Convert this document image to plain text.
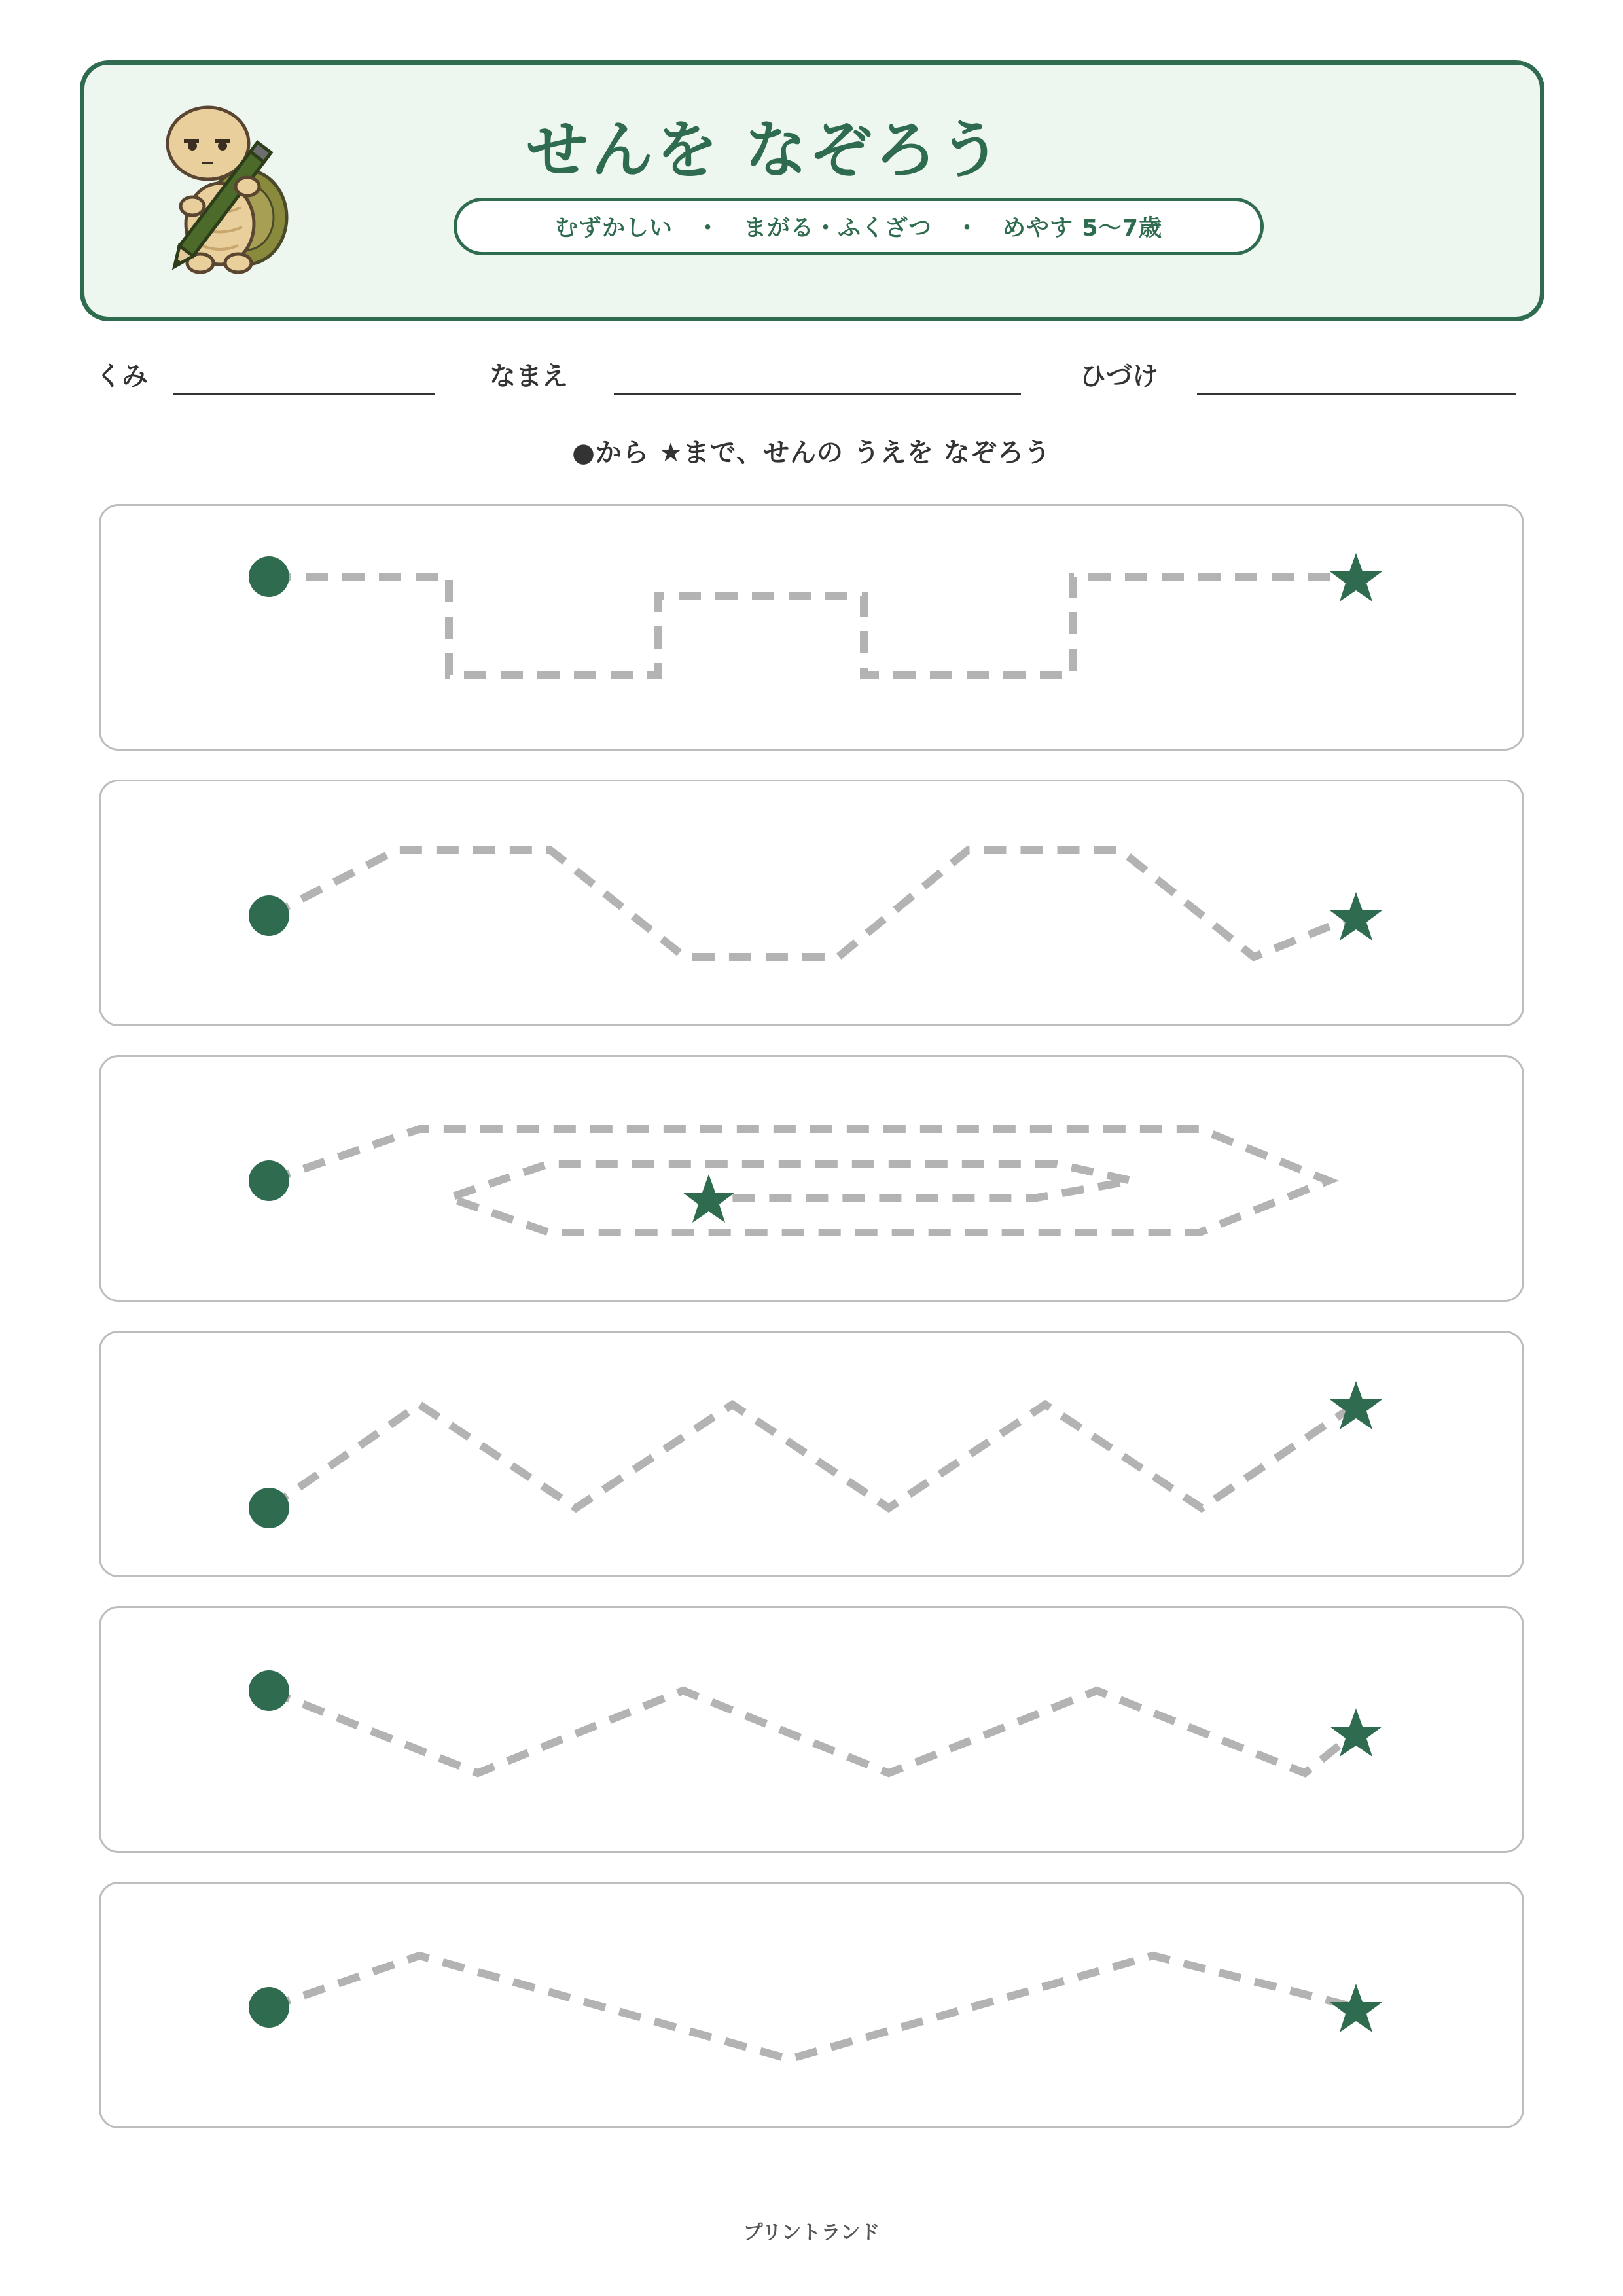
せんを なぞろう
むずかしい　・　まがる・ふくざつ　・　めやす 5〜7歳
くみ	なまえ	ひづけ
●から ★まで、せんの うえを なぞろう
プリントランド
